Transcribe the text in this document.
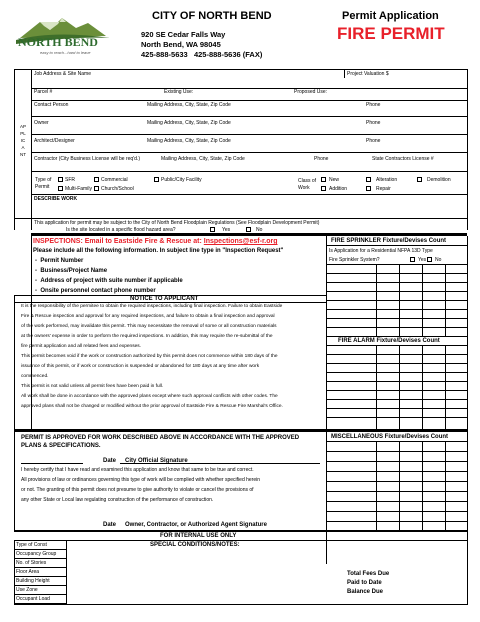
NORTH BEND
easy to reach...hard to leave
CITY OF NORTH BEND
920 SE Cedar Falls Way
North Bend, WA 98045
425-888-5633   425-888-5636 (FAX)
Permit Application
FIRE PERMIT
APPLICANT
Job Address & Site Name	Project Valuation $
Parcel #	Existing Use:	Proposed Use:
Contact Person	Mailing Address, City, State, Zip Code	Phone
Owner	Mailing Address, City, State, Zip Code	Phone
Architect/Designer	Mailing Address, City, State, Zip Code	Phone
Contractor (City Business License will be req'd.)	Mailing Address, City, State, Zip Code	Phone	State Contractors License #
Type of Permit
SFR	Commercial	Public/City Facility
Multi-Family Church/School
Class of Work
New	Alteration	Demolition
Addition	Repair
DESCRIBE WORK
This application for permit may be subject to the City of North Bend Floodplain Regulations (See Floodplain Development Permit)
Is the site located in a specific flood hazard area?	Yes	No
INSPECTIONS: Email to Eastside Fire & Rescue at: Inspections@esf-r.org
Please include all the following information. In subject line type in "Inspection Request"
-  Permit Number
-  Business/Project Name
-  Address of project with suite number if applicable
-  Onsite personnel contact phone number
NOTICE TO APPLICANT
It is the responsibility of the permitee to obtain the required inspections, including final inspection. Failure to obtain Eastside
Fire & Rescue inspection and approval for any required inspections, and failure to obtain a final inspection and approval
of the work performed, may invalidate this permit. This may necessitate the removal of some or all construction materials
at the owners' expense in order to perform the required inspections. In addition, this may require the re-submittal of the
fire permit application and all related fees and expenses.
This permit becomes void if the work or construction authorized by this permit does not commence within 180 days of the
issuance of this permit, or if work or construction is suspended or abandoned for 180 days at any time after work
commenced.
This permit is not valid unless all permit fees have been paid in full.
All work shall be done in accordance with the approved plans except where such approval conflicts with other codes. The
approved plans shall not be changed or modified without the prior approval of Eastside Fire & Rescue Fire Marshal's Office.
FIRE SPRINKLER Fixture/Devises Count
Is Application for a Residential NFPA 13D Type
Fire Sprinkler System?	Yes No
FIRE ALARM Fixture/Devises Count
PERMIT IS APPROVED FOR WORK DESCRIBED ABOVE IN ACCORDANCE WITH THE APPROVED PLANS & SPECIFICATIONS.
Date City Official Signature
I hereby certify that I have read and examined this application and know that same to be true and correct.
All provisions of law or ordinances governing this type of work will be complied with whether specified herein
or not. The granting of this permit does not presume to give authority to violate or cancel the provisions of
any other State or Local law regulating construction of the performance of construction.
Date Owner, Contractor, or Authorized Agent Signature
MISCELLANEOUS Fixture/Devises Count
FOR INTERNAL USE ONLY
Type of Const
Occupancy Group
No. of Stories
Floor Area
Building Height
Use Zone
Occupant Load
SPECIAL CONDITIONS/NOTES:
Total Fees Due
Paid to Date
Balance Due
